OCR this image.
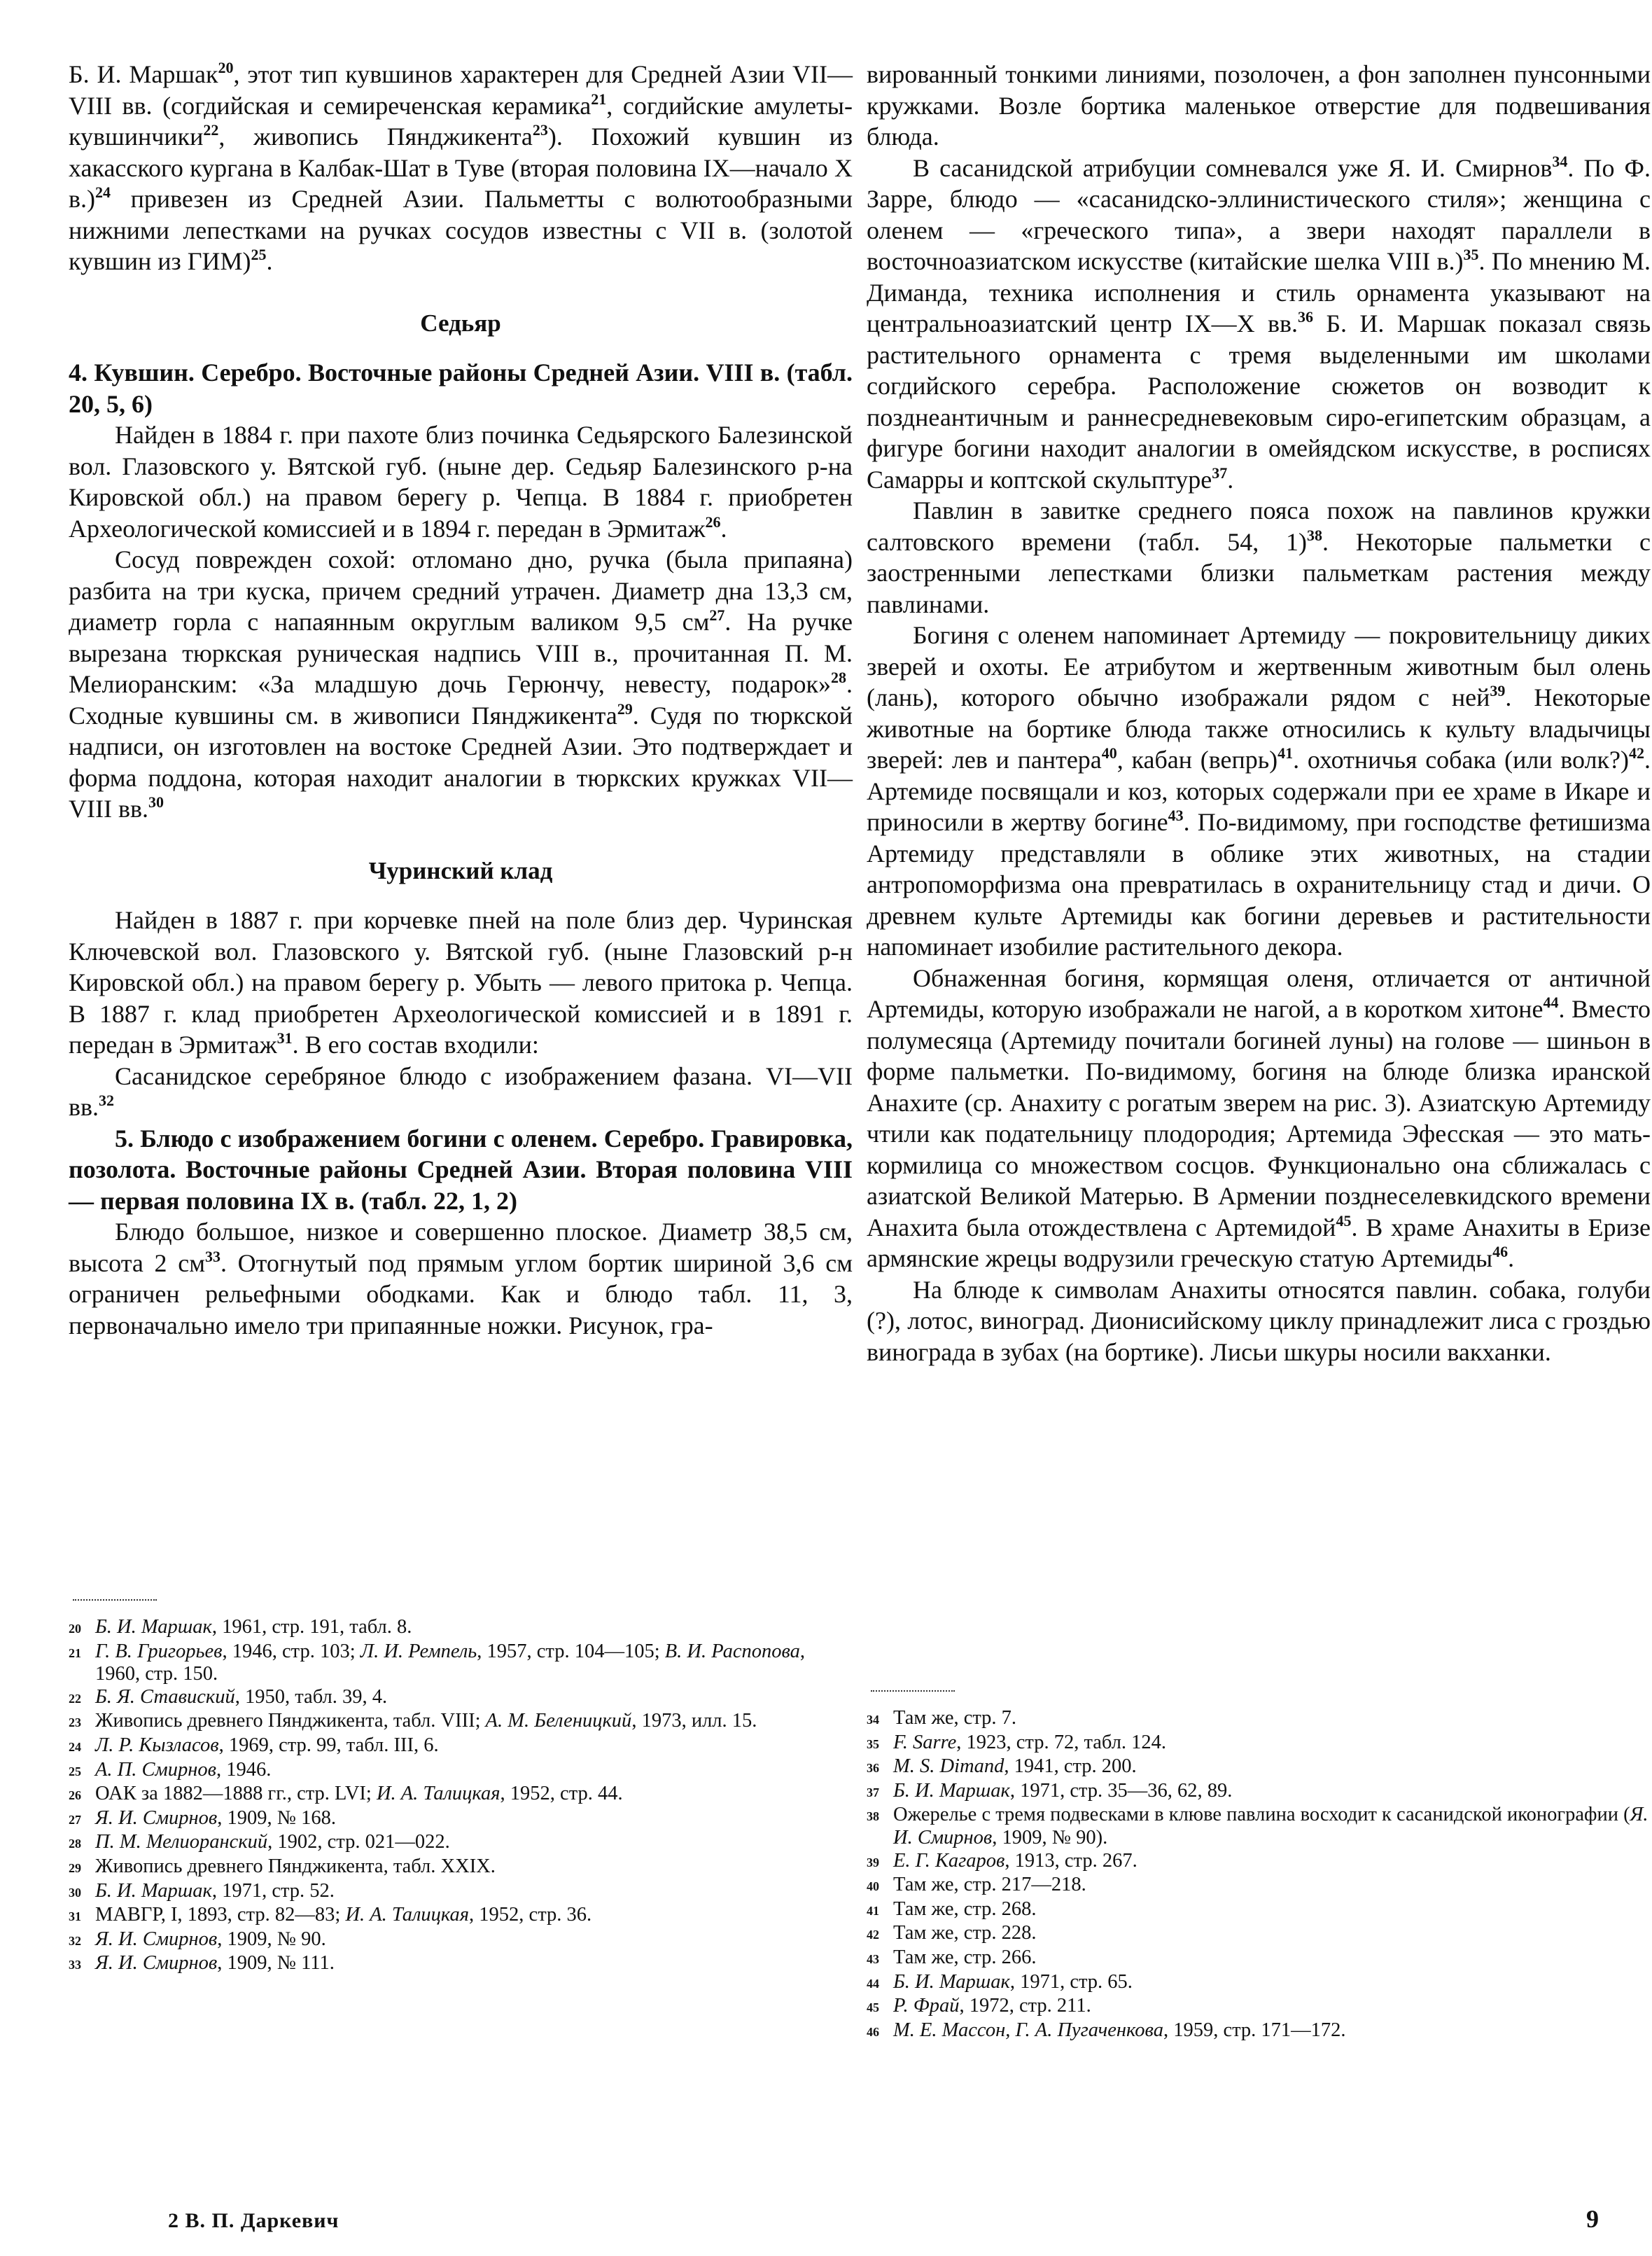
Б. И. Маршак$^{20}$, этот тип кувшинов характерен для Средней Азии VII—VIII вв. (согдийская и семиреченская керамика$^{21}$, согдийские амулеты-кувшинчики$^{22}$, живопись Пянджикента$^{23}$). Похожий кувшин из хакасского кургана в Калбак-Шат в Туве (вторая половина IX—начало X в.)$^{24}$ привезен из Средней Азии. Пальметты с волютообразными нижними лепестками на ручках сосудов известны с VII в. (золотой кувшин из ГИМ)$^{25}$.

Седьяр

4. Кувшин. Серебро. Восточные районы Средней Азии. VIII в. (табл. 20, 5, 6)

Найден в 1884 г. при пахоте близ починка Седьярского Балезинской вол. Глазовского у. Вятской губ. (ныне дер. Седьяр Балезинского р-на Кировской обл.) на правом берегу р. Чепца. В 1884 г. приобретен Археологической комиссией и в 1894 г. передан в Эрмитаж$^{26}$.

Сосуд поврежден сохой: отломано дно, ручка (была припаяна) разбита на три куска, причем средний утрачен. Диаметр дна 13,3 см, диаметр горла с напаянным округлым валиком 9,5 $см^{27}$. На ручке вырезана тюркская руническая надпись VIII в., прочитанная П. М. Мелиоранским: «За младшую дочь Герюнчу, невесту, подарок»$^{28}$. Сходные кувшины см. в живописи Пянджикента$^{29}$. Судя по тюркской надписи, он изготовлен на востоке Средней Азии. Это подтверждает и форма поддона, которая находит аналогии в тюркских кружках VII—VIII вв.$^{30}$

Чуринский клад

Найден в 1887 г. при корчевке пней на поле близ дер. Чуринская Ключевской вол. Глазовского у. Вятской губ. (ныне Глазовский р-н Кировской обл.) на правом берегу р. Убыть — левого притока р. Чепца. В 1887 г. клад приобретен Археологической комиссией и в 1891 г. передан в Эрмитаж$^{31}$. В его состав входили:

Сасанидское серебряное блюдо с изображением фазана. VI—VII вв.$^{32}$

5. Блюдо с изображением богини с оленем. Серебро. Гравировка, позолота. Восточные районы Средней Азии. Вторая половина VIII — первая половина IX в. (табл. 22, 1, 2)

Блюдо большое, низкое и совершенно плоское. Диаметр 38,5 см, высота 2 $см^{33}$. Отогнутый под прямым углом бортик шириной 3,6 см ограничен рельефными ободками. Как и блюдо табл. 11, 3, первоначально имело три припаянные ножки. Рисунок, гра-

20 Б. И. Маршак, 1961, стр. 191, табл. 8.
21 Г. В. Григорьев, 1946, стр. 103; Л. И. Ремпель, 1957, стр. 104—105; В. И. Распопова, 1960, стр. 150.
22 Б. Я. Ставиский, 1950, табл. 39, 4.
23 Живопись древнего Пянджикента, табл. VIII; А. М. Беленицкий, 1973, илл. 15.
24 Л. Р. Кызласов, 1969, стр. 99, табл. III, 6.
25 А. П. Смирнов, 1946.
26 ОАК за 1882—1888 гг., стр. LVI; И. А. Талицкая, 1952, стр. 44.
27 Я. И. Смирнов, 1909, № 168.
28 П. М. Мелиоранский, 1902, стр. 021—022.
29 Живопись древнего Пянджикента, табл. XXIX.
30 Б. И. Маршак, 1971, стр. 52.
31 МАВГР, I, 1893, стр. 82—83; И. А. Талицкая, 1952, стр. 36.
32 Я. И. Смирнов, 1909, № 90.
33 Я. И. Смирнов, 1909, № 111.

вированный тонкими линиями, позолочен, а фон заполнен пунсонными кружками. Возле бортика маленькое отверстие для подвешивания блюда.

В сасанидской атрибуции сомневался уже Я. И. Смирнов$^{34}$. По Ф. Зарре, блюдо — «сасанидско-эллинистического стиля»; женщина с оленем — «греческого типа», а звери находят параллели в восточноазиатском искусстве (китайские шелка VIII в.)$^{35}$. По мнению М. Диманда, техника исполнения и стиль орнамента указывают на центральноазиатский центр IX—X вв.$^{36}$ Б. И. Маршак показал связь растительного орнамента с тремя выделенными им школами согдийского серебра. Расположение сюжетов он возводит к позднеантичным и раннесредневековым сиро-египетским образцам, а фигуре богини находит аналогии в омейядском искусстве, в росписях Самарры и коптской скульптуре$^{37}$.

Павлин в завитке среднего пояса похож на павлинов кружки салтовского времени (табл. 54, 1)$^{38}$. Некоторые пальметки с заостренными лепестками близки пальметкам растения между павлинами.

Богиня с оленем напоминает Артемиду — покровительницу диких зверей и охоты. Ее атрибутом и жертвенным животным был олень (лань), которого обычно изображали рядом с ней$^{39}$. Некоторые животные на бортике блюда также относились к культу владычицы зверей: лев и пантера$^{40}$, кабан (вепрь)$^{41}$. охотничья собака (или волк?)$^{42}$. Артемиде посвящали и коз, которых содержали при ее храме в Икаре и приносили в жертву богине$^{43}$. По-видимому, при господстве фетишизма Артемиду представляли в облике этих животных, на стадии антропоморфизма она превратилась в охранительницу стад и дичи. О древнем культе Артемиды как богини деревьев и растительности напоминает изобилие растительного декора.

Обнаженная богиня, кормящая оленя, отличается от античной Артемиды, которую изображали не нагой, а в коротком хитоне$^{44}$. Вместо полумесяца (Артемиду почитали богиней луны) на голове — шиньон в форме пальметки. По-видимому, богиня на блюде близка иранской Анахите (ср. Анахиту с рогатым зверем на рис. 3). Азиатскую Артемиду чтили как подательницу плодородия; Артемида Эфесская — это мать-кормилица со множеством сосцов. Функционально она сближалась с азиатской Великой Матерью. В Армении позднеселевкидского времени Анахита была отождествлена с Артемидой$^{45}$. В храме Анахиты в Еризе армянские жрецы водрузили греческую статую Артемиды$^{46}$.

На блюде к символам Анахиты относятся павлин. собака, голуби (?), лотос, виноград. Дионисийскому циклу принадлежит лиса с гроздью винограда в зубах (на бортике). Лисьи шкуры носили вакханки.

34 Там же, стр. 7.
35 F. Sarre, 1923, стр. 72, табл. 124.
36 M. S. Dimand, 1941, стр. 200.
37 Б. И. Маршак, 1971, стр. 35—36, 62, 89.
38 Ожерелье с тремя подвесками в клюве павлина восходит к сасанидской иконографии (Я. И. Смирнов, 1909, № 90).
39 Е. Г. Кагаров, 1913, стр. 267.
40 Там же, стр. 217—218.
41 Там же, стр. 268.
42 Там же, стр. 228.
43 Там же, стр. 266.
44 Б. И. Маршак, 1971, стр. 65.
45 Р. Фрай, 1972, стр. 211.
46 М. Е. Массон, Г. А. Пугаченкова, 1959, стр. 171—172.
2 В. П. Даркевич	9
